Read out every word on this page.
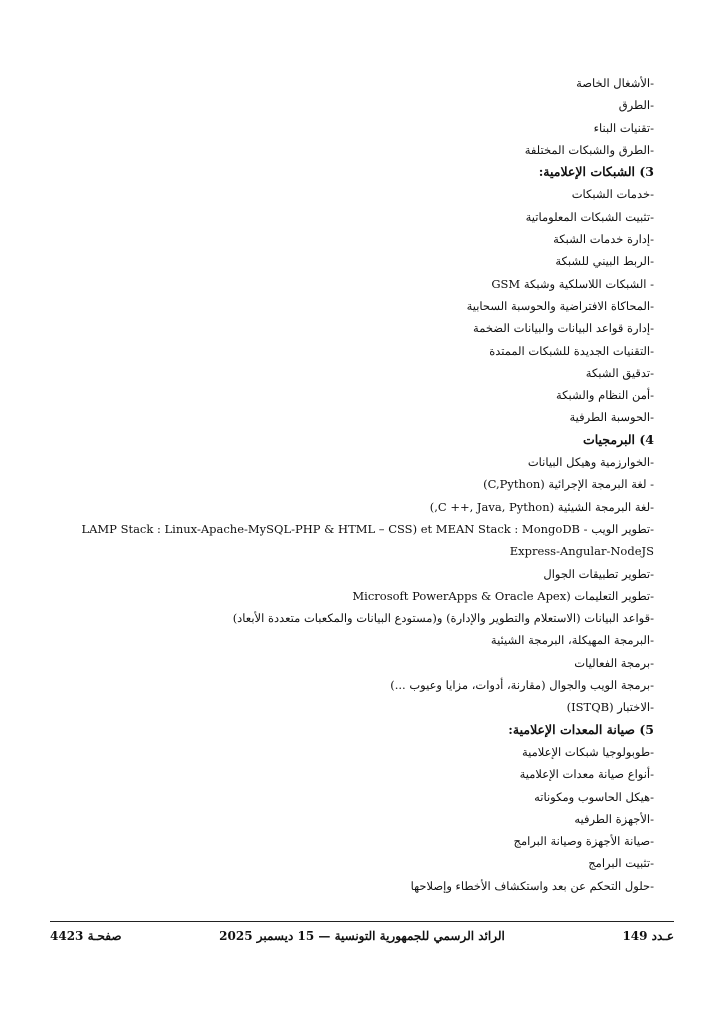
-الأشغال الخاصة
-الطرق
-تقنيات البناء
-الطرق والشبكات المختلفة
3) الشبكات الإعلامية:
-خدمات الشبكات
-تثبيت الشبكات المعلوماتية
-إدارة خدمات الشبكة
-الربط البيني للشبكة
- الشبكات اللاسلكية وشبكة GSM
-المحاكاة الافتراضية والحوسبة السحابية
-إدارة قواعد البيانات والبيانات الضخمة
-التقنيات الجديدة للشبكات الممتدة
-تدقيق الشبكة
-أمن النظام والشبكة
-الحوسبة الطرفية
4) البرمجيات
-الخوارزمية وهيكل البيانات
- لغة البرمجة الإجرائية (C,Python)
-لغة البرمجة الشيئية (C ++, Java, Python,)
-تطوير الويب LAMP Stack : Linux-Apache-MySQL-PHP & HTML – CSS) et MEAN Stack : MongoDB -Express-Angular-NodeJS
-تطوير تطبيقات الجوال
-تطوير التعليمات (Microsoft PowerApps & Oracle Apex
-قواعد البيانات (الاستعلام والتطوير والإدارة) و(مستودع البيانات والمكعبات متعددة الأبعاد)
-البرمجة المهيكلة، البرمجة الشيئية
-برمجة الفعاليات
-برمجة الويب والجوال (مقارنة، أدوات، مزايا وعيوب ...)
-الاختبار (ISTQB)
5) صيانة المعدات الإعلامية:
-طوبولوجيا شبكات الإعلامية
-أنواع صيانة معدات الإعلامية
-هيكل الحاسوب ومكوناته
-الأجهزة الطرفيه
-صيانة الأجهزة وصيانة البرامج
-تثبيت البرامج
-حلول التحكم عن بعد واستكشاف الأخطاء وإصلاحها
عـدد 149
الرائد الرسمي للجمهورية التونسية — 15 ديسمبر 2025
صفحـة 4423
